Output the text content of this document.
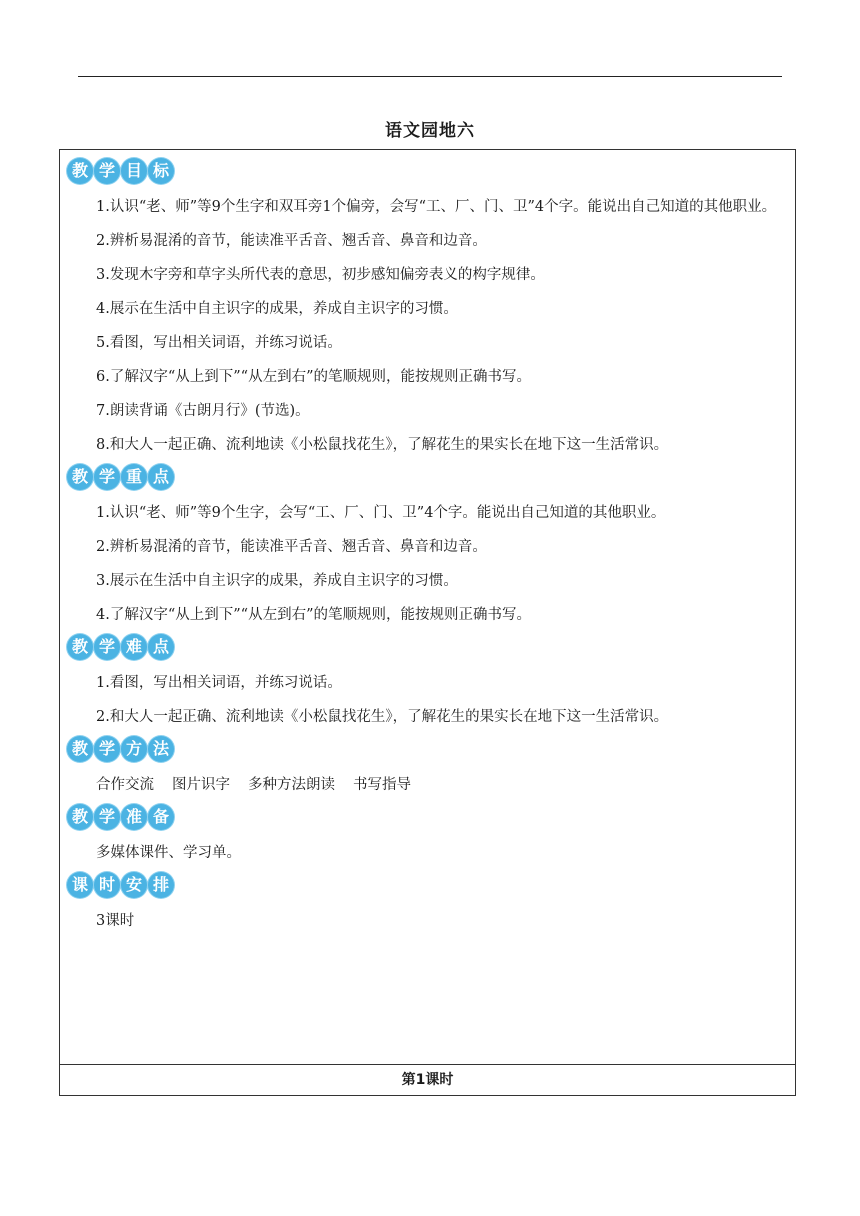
语文园地六
教 学 目 标

1.认识“老、师”等9个生字和双耳旁1个偏旁，会写“工、厂、门、卫”4个字。能说出自己知道的其他职业。

2.辨析易混淆的音节，能读准平舌音、翘舌音、鼻音和边音。

3.发现木字旁和草字头所代表的意思，初步感知偏旁表义的构字规律。

4.展示在生活中自主识字的成果，养成自主识字的习惯。

5.看图，写出相关词语，并练习说话。

6.了解汉字“从上到下”“从左到右”的笔顺规则，能按规则正确书写。

7.朗读背诵《古朗月行》(节选)。

8.和大人一起正确、流利地读《小松鼠找花生》，了解花生的果实长在地下这一生活常识。

教 学 重 点

1.认识“老、师”等9个生字，会写“工、厂、门、卫”4个字。能说出自己知道的其他职业。

2.辨析易混淆的音节，能读准平舌音、翘舌音、鼻音和边音。

3.展示在生活中自主识字的成果，养成自主识字的习惯。

4.了解汉字“从上到下”“从左到右”的笔顺规则，能按规则正确书写。

教 学 难 点

1.看图，写出相关词语，并练习说话。

2.和大人一起正确、流利地读《小松鼠找花生》，了解花生的果实长在地下这一生活常识。

教 学 方 法

合作交流 图片识字 多种方法朗读 书写指导

教 学 准 备

多媒体课件、学习单。

课 时 安 排

3课时

第1课时
